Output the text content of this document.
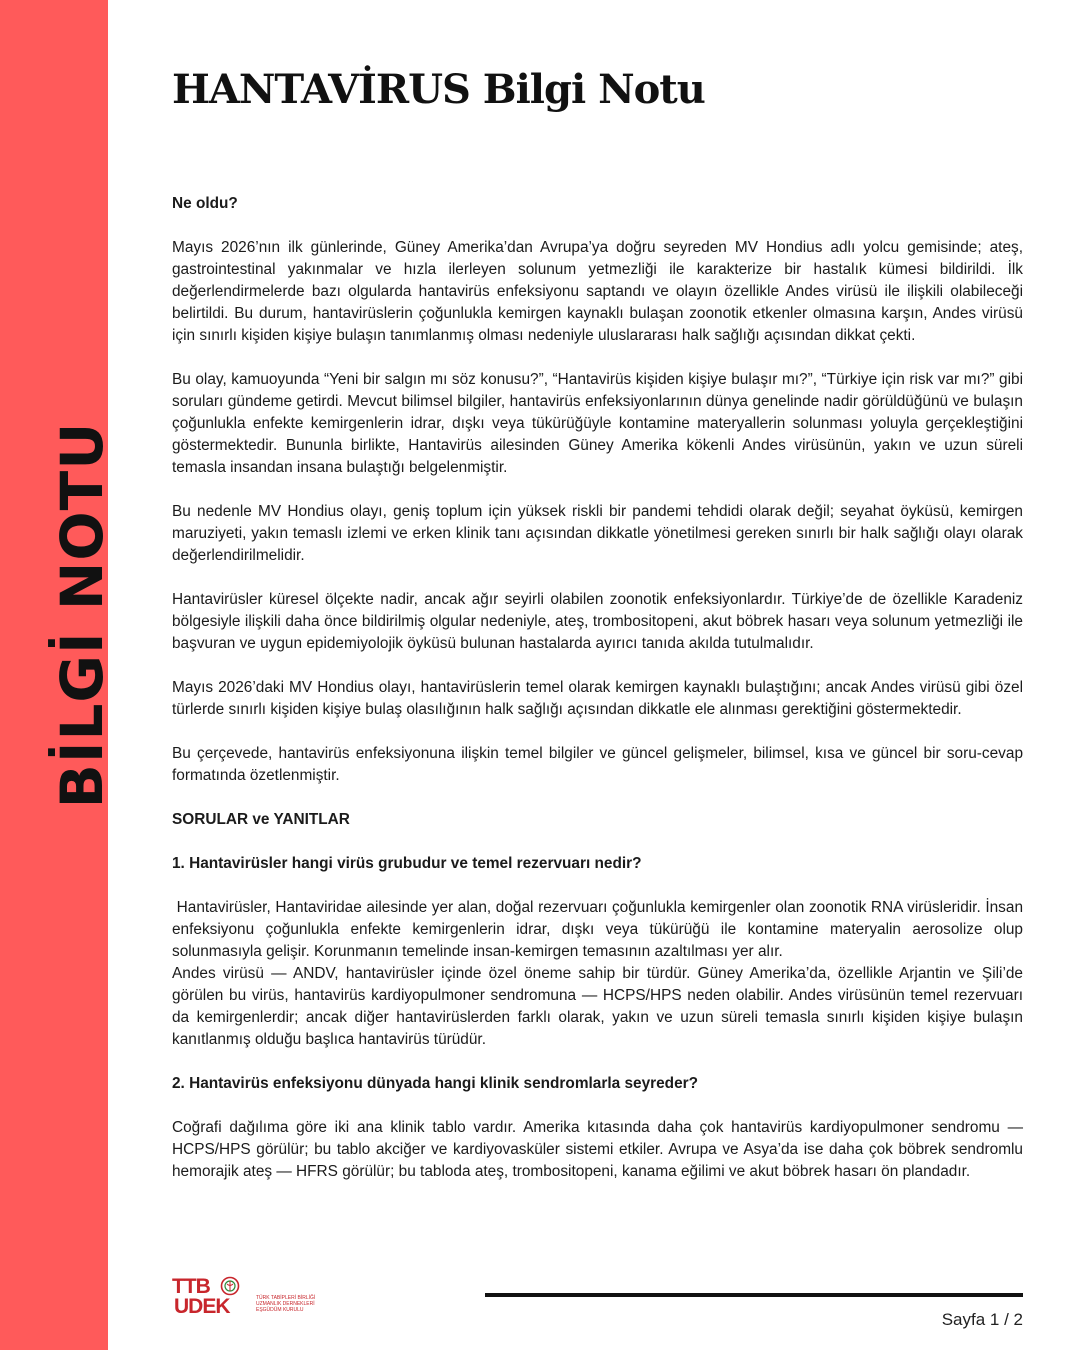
BİLGİ NOTU
HANTAVİRUS Bilgi Notu

Ne oldu?

Mayıs 2026’nın ilk günlerinde, Güney Amerika’dan Avrupa’ya doğru seyreden MV Hondius adlı yolcu gemisinde; ateş, gastrointestinal yakınmalar ve hızla ilerleyen solunum yetmezliği ile karakterize bir hastalık kümesi bildirildi. İlk değerlendirmelerde bazı olgularda hantavirüs enfeksiyonu saptandı ve olayın özellikle Andes virüsü ile ilişkili olabileceği belirtildi. Bu durum, hantavirüslerin çoğunlukla kemirgen kaynaklı bulaşan zoonotik etkenler olmasına karşın, Andes virüsü için sınırlı kişiden kişiye bulaşın tanımlanmış olması nedeniyle uluslararası halk sağlığı açısından dikkat çekti.

Bu olay, kamuoyunda “Yeni bir salgın mı söz konusu?”, “Hantavirüs kişiden kişiye bulaşır mı?”, “Türkiye için risk var mı?” gibi soruları gündeme getirdi. Mevcut bilimsel bilgiler, hantavirüs enfeksiyonlarının dünya genelinde nadir görüldüğünü ve bulaşın çoğunlukla enfekte kemirgenlerin idrar, dışkı veya tükürüğüyle kontamine materyallerin solunması yoluyla gerçekleştiğini göstermektedir. Bununla birlikte, Hantavirüs ailesinden Güney Amerika kökenli Andes virüsünün, yakın ve uzun süreli temasla insandan insana bulaştığı belgelenmiştir.

Bu nedenle MV Hondius olayı, geniş toplum için yüksek riskli bir pandemi tehdidi olarak değil; seyahat öyküsü, kemirgen maruziyeti, yakın temaslı izlemi ve erken klinik tanı açısından dikkatle yönetilmesi gereken sınırlı bir halk sağlığı olayı olarak değerlendirilmelidir.

Hantavirüsler küresel ölçekte nadir, ancak ağır seyirli olabilen zoonotik enfeksiyonlardır. Türkiye’de de özellikle Karadeniz bölgesiyle ilişkili daha önce bildirilmiş olgular nedeniyle, ateş, trombositopeni, akut böbrek hasarı veya solunum yetmezliği ile başvuran ve uygun epidemiyolojik öyküsü bulunan hastalarda ayırıcı tanıda akılda tutulmalıdır.

Mayıs 2026’daki MV Hondius olayı, hantavirüslerin temel olarak kemirgen kaynaklı bulaştığını; ancak Andes virüsü gibi özel türlerde sınırlı kişiden kişiye bulaş olasılığının halk sağlığı açısından dikkatle ele alınması gerektiğini göstermektedir.

Bu çerçevede, hantavirüs enfeksiyonuna ilişkin temel bilgiler ve güncel gelişmeler, bilimsel, kısa ve güncel bir soru-cevap formatında özetlenmiştir.

SORULAR ve YANITLAR

1. Hantavirüsler hangi virüs grubudur ve temel rezervuarı nedir?

Hantavirüsler, Hantaviridae ailesinde yer alan, doğal rezervuarı çoğunlukla kemirgenler olan zoonotik RNA virüsleridir. İnsan enfeksiyonu çoğunlukla enfekte kemirgenlerin idrar, dışkı veya tükürüğü ile kontamine materyalin aerosolize olup solunmasıyla gelişir. Korunmanın temelinde insan-kemirgen temasının azaltılması yer alır.
Andes virüsü — ANDV, hantavirüsler içinde özel öneme sahip bir türdür. Güney Amerika’da, özellikle Arjantin ve Şili’de görülen bu virüs, hantavirüs kardiyopulmoner sendromuna — HCPS/HPS neden olabilir. Andes virüsünün temel rezervuarı da kemirgenlerdir; ancak diğer hantavirüslerden farklı olarak, yakın ve uzun süreli temasla sınırlı kişiden kişiye bulaşın kanıtlanmış olduğu başlıca hantavirüs türüdür.

2. Hantavirüs enfeksiyonu dünyada hangi klinik sendromlarla seyreder?

Coğrafi dağılıma göre iki ana klinik tablo vardır. Amerika kıtasında daha çok hantavirüs kardiyopulmoner sendromu — HCPS/HPS görülür; bu tablo akciğer ve kardiyovasküler sistemi etkiler. Avrupa ve Asya’da ise daha çok böbrek sendromlu hemorajik ateş — HFRS görülür; bu tabloda ateş, trombositopeni, kanama eğilimi ve akut böbrek hasarı ön plandadır.

TTB
UDEK	TÜRK TABİPLERİ BİRLİĞİ
UZMANLIK DERNEKLERİ
EŞGÜDÜM KURULU	Sayfa 1 / 2
